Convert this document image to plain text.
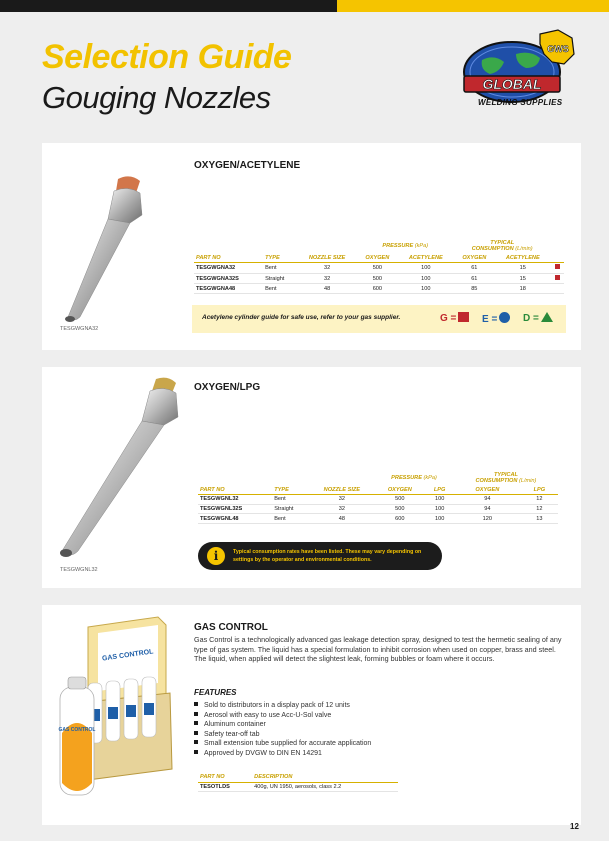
Selection Guide
Gouging Nozzles	GLOBAL
GWS
WELDING SUPPLIES
TESGWGNA32
OXYGEN/ACETYLENE
			PRESSURE (kPa)		TYPICAL
CONSUMPTION (L/min)		
PART NO	TYPE	NOZZLE SIZE	OXYGEN	ACETYLENE	OXYGEN	ACETYLENE	
TESGWGNA32	Bent	32	500	100	61	15	
TESGWGNA32S	Straight	32	500	100	61	15	
TESGWGNA48	Bent	48	600	100	85	18	
Acetylene cylinder guide for safe use, refer to your gas supplier.	G =	E =	D =
TESGWGNL32
OXYGEN/LPG
			PRESSURE (kPa)		TYPICAL
CONSUMPTION (L/min)	
PART NO	TYPE	NOZZLE SIZE	OXYGEN	LPG	OXYGEN	LPG
TESGWGNL32	Bent	32	500	100	94	12
TESGWGNL32S	Straight	32	500	100	94	12
TESGWGNL48	Bent	48	600	100	120	13
i	Typical consumption rates have been listed. These may vary depending on settings by the operator and environmental conditions.
GAS CONTROL
GAS CONTROL
GAS CONTROL
Gas Control is a technologically advanced gas leakage detection spray, designed to test the hermetic sealing of any type of gas system. The liquid has a special formulation to inhibit corrosion when used on copper, brass and steel. The liquid, when applied will detect the slightest leak, forming bubbles or foam where it occurs.
FEATURES
Sold to distributors in a display pack of 12 units
Aerosol with easy to use Acc-U-Sol valve
Aluminum container
Safety tear-off tab
Small extension tube supplied for accurate application
Approved by DVGW to DIN EN 14291
PART NO	DESCRIPTION
TESOTLDS	400g, UN 1950, aerosols, class 2.2
12
